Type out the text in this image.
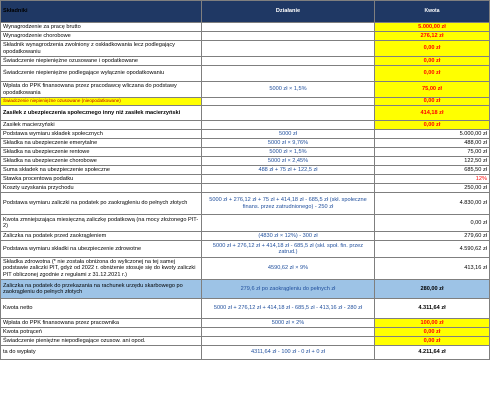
Składniki	Działanie	Kwota
Wynagrodzenie za pracę brutto		5.000,00 zł
Wynagrodzenie chorobowe		276,12 zł
Składnik wynagrodzenia zwolniony z oskładkowania lecz podlegający opodatkowaniu		0,00 zł
Świadczenie niepieniężne ozusowane i opodatkowane		0,00 zł
Świadczenie niepieniężne podlegające wyłącznie opodatkowaniu		0,00 zł
Wpłata do PPK finansowana przez pracodawcę wliczana do podstawy opodatkowania	5000 zł × 1,5%	75,00 zł
Świadczenie niepieniężne ozusowane (nieopodatkowane)		0,00 zł
Zasiłek z ubezpieczenia społecznego inny niż zasiłek macierzyński		414,18 zł
Zasiłek macierzyński		0,00 zł
Podstawa wymiaru składek społecznych	5000 zł	5.000,00 zł
Składka na ubezpieczenie emerytalne	5000 zł × 9,76%	488,00 zł
Składka na ubezpieczenie rentowe	5000 zł × 1,5%	75,00 zł
Składka na ubezpieczenie chorobowe	5000 zł × 2,45%	122,50 zł
Suma składek na ubezpieczenie społeczne	488 zł + 75 zł + 122,5 zł	685,50 zł
Stawka procentowa podatku		12%
Koszty uzyskania przychodu		250,00 zł
Podstawa wymiaru zaliczki na podatek po zaokrągleniu do pełnych złotych	5000 zł + 276,12 zł + 75 zł + 414,18 zł - 685,5 zł (skł. społeczne finans. przez zatrudnionego) - 250 zł	4.830,00 zł
Kwota zmniejszająca miesięczną zaliczkę podatkową (na mocy złożonego PIT-2)		0,00 zł
Zaliczka na podatek przed zaokrągleniem	(4830 zł × 12%) - 300 zł	279,60 zł
Podstawa wymiaru składki na ubezpieczenie zdrowotne	5000 zł + 276,12 zł + 414,18 zł - 685,5 zł (skł. społ. fin. przez zatrud.)	4.590,62 zł
Składka zdrowotna (* nie została obniżona do wyliczonej na tej samej podstawie zaliczki PIT, gdyż od 2022 r. obniżenie stosuje się do kwoty zaliczki PIT obliczonej zgodnie z regułami z 31.12.2021 r.)	4590,62 zł × 9%	413,16 zł
Zaliczka na podatek do przekazania na rachunek urzędu skarbowego po zaokrągleniu do pełnych złotych	279,6 zł po zaokrągleniu do pełnych zł	280,00 zł
Kwota netto	5000 zł + 276,12 zł + 414,18 zł - 685,5 zł - 413,16 zł - 280 zł	4.311,64 zł
Wpłata do PPK finansowana przez pracownika	5000 zł × 2%	100,00 zł
Kwota potrąceń		0,00 zł
Świadczenie pieniężne niepodlegające ozusow. ani opod.		0,00 zł
ta do wypłaty	4311,64 zł - 100 zł - 0 zł + 0 zł	4.211,64 zł
